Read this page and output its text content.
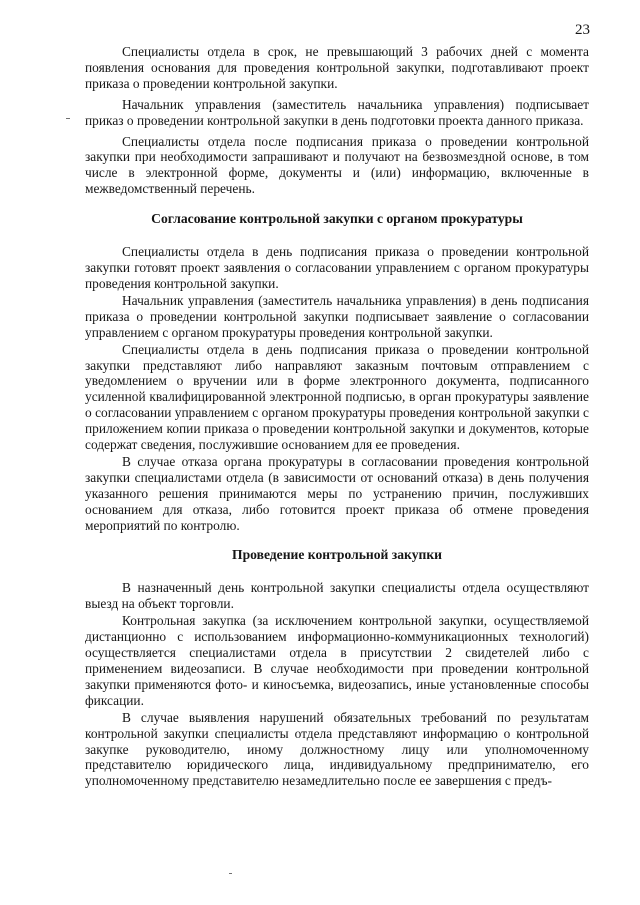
23

Специалисты отдела в срок, не превышающий 3 рабочих дней с момента появления основания для проведения контрольной закупки, подготавливают проект приказа о проведении контрольной закупки.

Начальник управления (заместитель начальника управления) подписывает приказ о проведении контрольной закупки в день подготовки проекта данного приказа.

Специалисты отдела после подписания приказа о проведении контрольной закупки при необходимости запрашивают и получают на безвозмездной основе, в том числе в электронной форме, документы и (или) информацию, включенные в межведомственный перечень.

Согласование контрольной закупки с органом прокуратуры

Специалисты отдела в день подписания приказа о проведении контрольной закупки готовят проект заявления о согласовании управлением с органом прокуратуры проведения контрольной закупки.

Начальник управления (заместитель начальника управления) в день подписания приказа о проведении контрольной закупки подписывает заявление о согласовании управлением с органом прокуратуры проведения контрольной закупки.

Специалисты отдела в день подписания приказа о проведении контрольной закупки представляют либо направляют заказным почтовым отправлением с уведомлением о вручении или в форме электронного документа, подписанного усиленной квалифицированной электронной подписью, в орган прокуратуры заявление о согласовании управлением с органом прокуратуры проведения контрольной закупки с приложением копии приказа о проведении контрольной закупки и документов, которые содержат сведения, послужившие основанием для ее проведения.

В случае отказа органа прокуратуры в согласовании проведения контрольной закупки специалистами отдела (в зависимости от оснований отказа) в день получения указанного решения принимаются меры по устранению причин, послуживших основанием для отказа, либо готовится проект приказа об отмене проведения мероприятий по контролю.

Проведение контрольной закупки

В назначенный день контрольной закупки специалисты отдела осуществляют выезд на объект торговли.

Контрольная закупка (за исключением контрольной закупки, осуществляемой дистанционно с использованием информационно-коммуникационных технологий) осуществляется специалистами отдела в присутствии 2 свидетелей либо с применением видеозаписи. В случае необходимости при проведении контрольной закупки применяются фото- и киносъемка, видеозапись, иные установленные способы фиксации.

В случае выявления нарушений обязательных требований по результатам контрольной закупки специалисты отдела представляют информацию о контрольной закупке руководителю, иному должностному лицу или уполномоченному представителю юридического лица, индивидуальному предпринимателю, его уполномоченному представителю незамедлительно после ее завершения с предъ-
